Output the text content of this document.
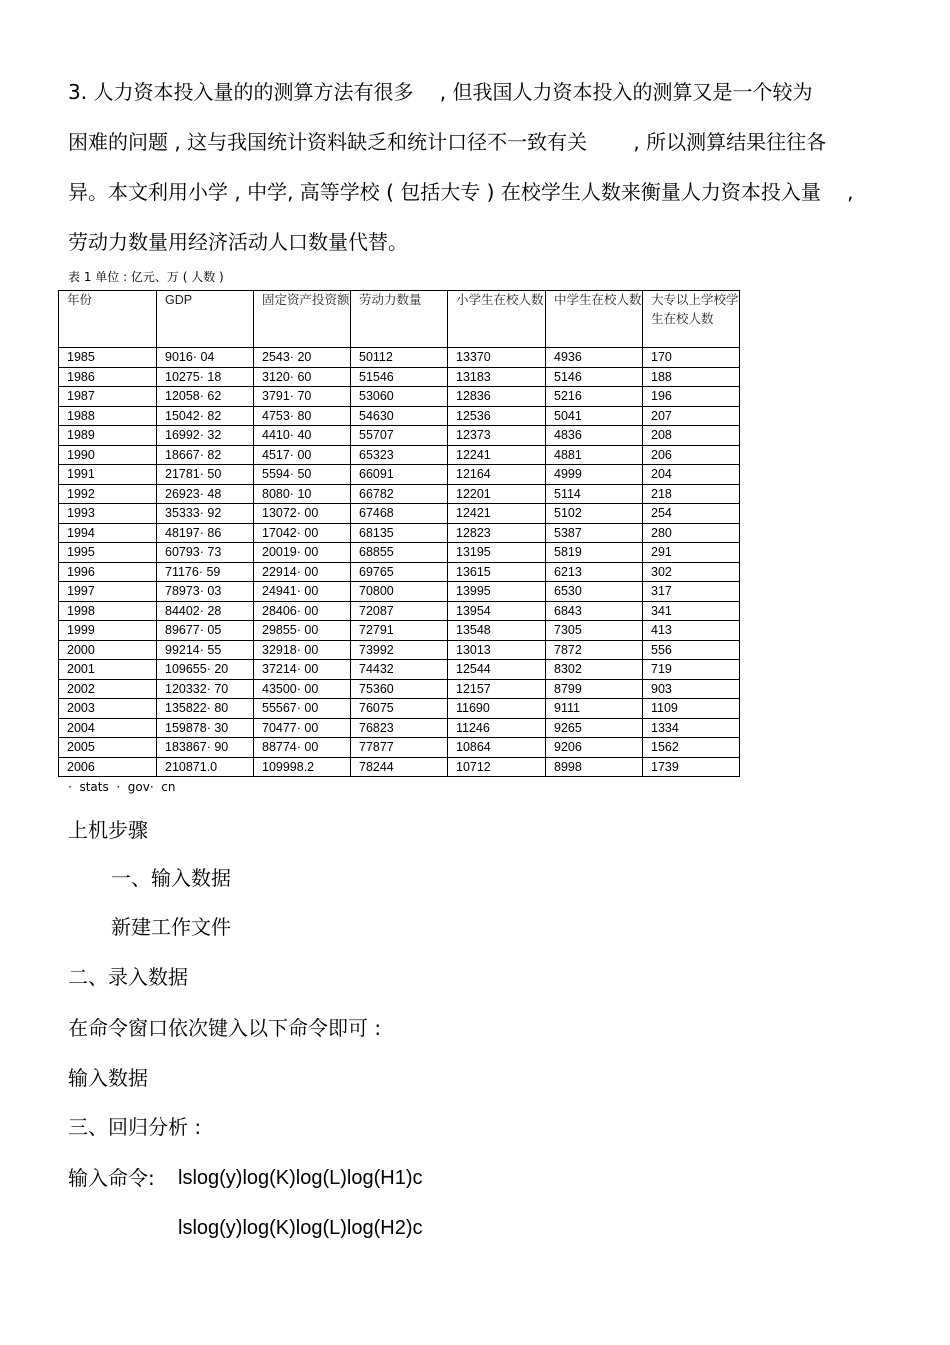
3. 人力资本投入量的的测算方法有很多　 , 但我国人力资本投入的测算又是一个较为
困难的问题 , 这与我国统计资料缺乏和统计口径不一致有关　　 , 所以测算结果往往各
异。本文利用小学 , 中学, 高等学校 ( 包括大专 ) 在校学生人数来衡量人力资本投入量　 ,
劳动力数量用经济活动人口数量代替。
表 1 单位 : 亿元、万 ( 人数 )
年份	GDP	固定资产投资额	劳动力数量	小学生在校人数	中学生在校人数	大专以上学校学生在校人数
1985	9016· 04	2543· 20	50112	13370	4936	170
1986	10275· 18	3120· 60	51546	13183	5146	188
1987	12058· 62	3791· 70	53060	12836	5216	196
1988	15042· 82	4753· 80	54630	12536	5041	207
1989	16992· 32	4410· 40	55707	12373	4836	208
1990	18667· 82	4517· 00	65323	12241	4881	206
1991	21781· 50	5594· 50	66091	12164	4999	204
1992	26923· 48	8080· 10	66782	12201	5114	218
1993	35333· 92	13072· 00	67468	12421	5102	254
1994	48197· 86	17042· 00	68135	12823	5387	280
1995	60793· 73	20019· 00	68855	13195	5819	291
1996	71176· 59	22914· 00	69765	13615	6213	302
1997	78973· 03	24941· 00	70800	13995	6530	317
1998	84402· 28	28406· 00	72087	13954	6843	341
1999	89677· 05	29855· 00	72791	13548	7305	413
2000	99214· 55	32918· 00	73992	13013	7872	556
2001	109655· 20	37214· 00	74432	12544	8302	719
2002	120332· 70	43500· 00	75360	12157	8799	903
2003	135822· 80	55567· 00	76075	11690	9111	1109
2004	159878· 30	70477· 00	76823	11246	9265	1334
2005	183867· 90	88774· 00	77877	10864	9206	1562
2006	210871.0	109998.2	78244	10712	8998	1739
·  stats  ·  gov·  cn
上机步骤
一、输入数据
新建工作文件
二、录入数据
在命令窗口依次键入以下命令即可 :
输入数据
三、回归分析 :
输入命令: lslog(y)log(K)log(L)log(H1)c
lslog(y)log(K)log(L)log(H2)c
